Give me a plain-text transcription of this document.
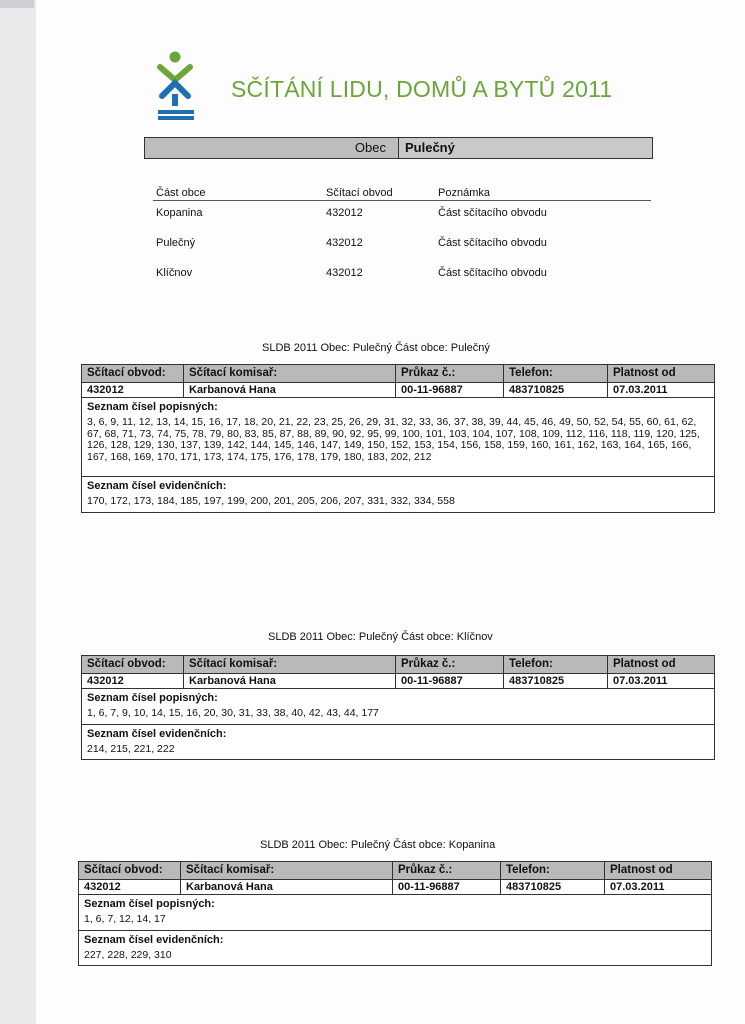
SČÍTÁNÍ LIDU, DOMŮ A BYTŮ 2011
Obec	Pulečný
Část obce	Sčítací obvod	Poznámka
Kopanina	432012	Část sčítacího obvodu
Pulečný	432012	Část sčítacího obvodu
Klíčnov	432012	Část sčítacího obvodu
SLDB 2011 Obec: Pulečný Část obce: Pulečný
Sčítací obvod:	Sčítací komisař:	Průkaz č.:	Telefon:	Platnost od
432012	Karbanová Hana	00-11-96887	483710825	07.03.2011
Seznam čísel popisných:
3, 6, 9, 11, 12, 13, 14, 15, 16, 17, 18, 20, 21, 22, 23, 25, 26, 29, 31, 32, 33, 36, 37, 38, 39, 44, 45, 46, 49, 50, 52, 54, 55, 60, 61, 62, 67, 68, 71, 73, 74, 75, 78, 79, 80, 83, 85, 87, 88, 89, 90, 92, 95, 99, 100, 101, 103, 104, 107, 108, 109, 112, 116, 118, 119, 120, 125, 126, 128, 129, 130, 137, 139, 142, 144, 145, 146, 147, 149, 150, 152, 153, 154, 156, 158, 159, 160, 161, 162, 163, 164, 165, 166, 167, 168, 169, 170, 171, 173, 174, 175, 176, 178, 179, 180, 183, 202, 212
Seznam čísel evidenčních:
170, 172, 173, 184, 185, 197, 199, 200, 201, 205, 206, 207, 331, 332, 334, 558
SLDB 2011 Obec: Pulečný Část obce: Klíčnov
Sčítací obvod:	Sčítací komisař:	Průkaz č.:	Telefon:	Platnost od
432012	Karbanová Hana	00-11-96887	483710825	07.03.2011
Seznam čísel popisných:
1, 6, 7, 9, 10, 14, 15, 16, 20, 30, 31, 33, 38, 40, 42, 43, 44, 177
Seznam čísel evidenčních:
214, 215, 221, 222
SLDB 2011 Obec: Pulečný Část obce: Kopanina
Sčítací obvod:	Sčítací komisař:	Průkaz č.:	Telefon:	Platnost od
432012	Karbanová Hana	00-11-96887	483710825	07.03.2011
Seznam čísel popisných:
1, 6, 7, 12, 14, 17
Seznam čísel evidenčních:
227, 228, 229, 310
